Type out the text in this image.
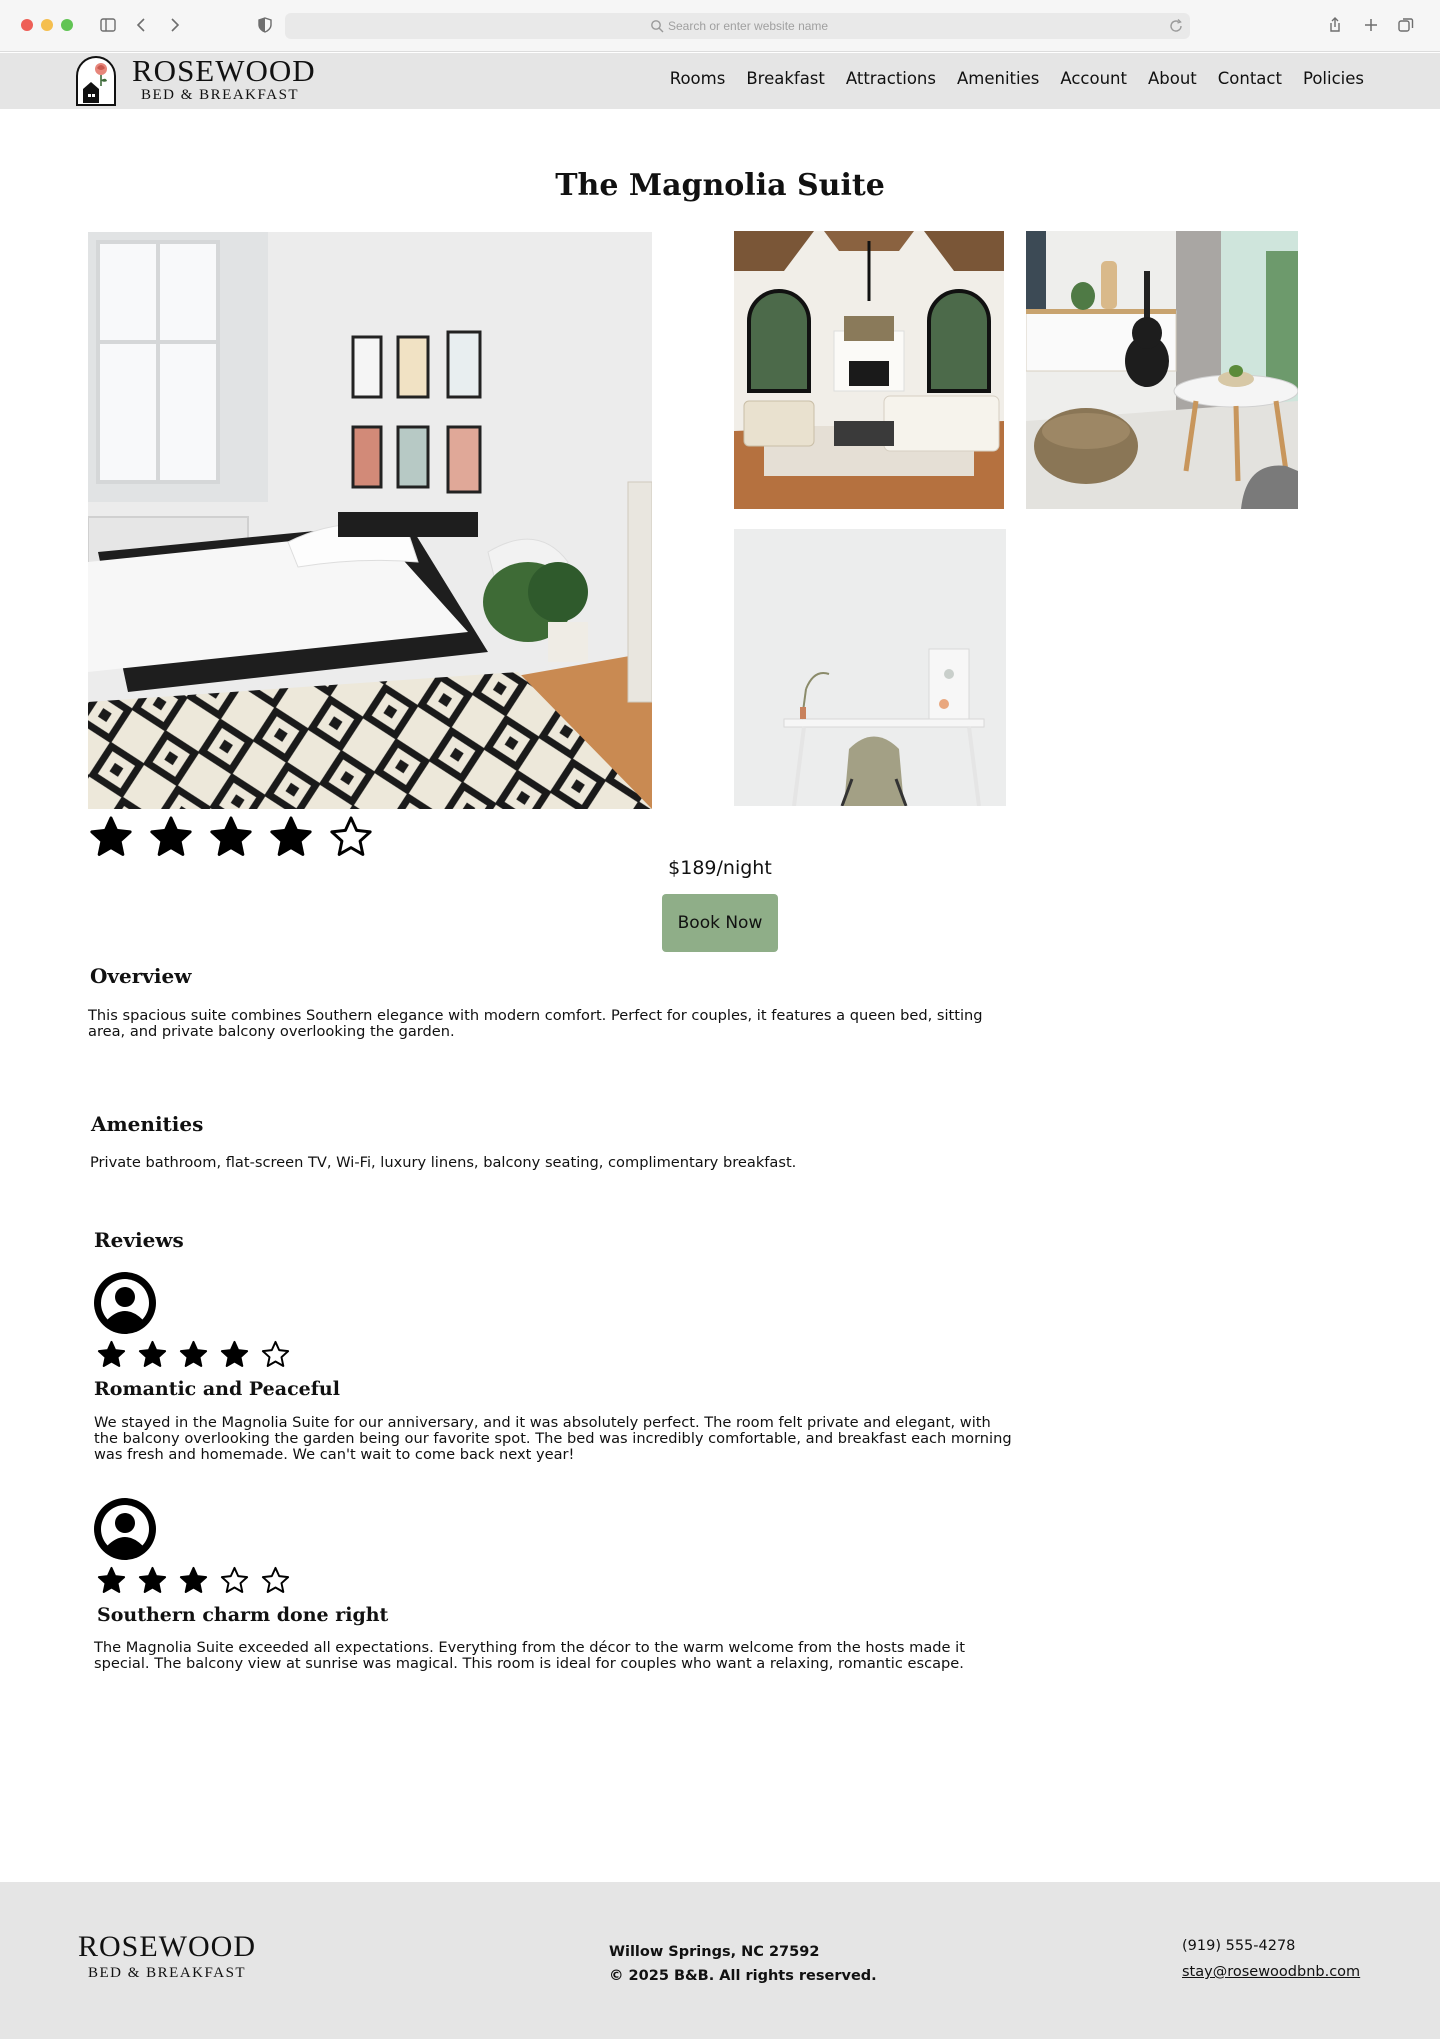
Search or enter website name
ROSEWOOD
BED & BREAKFAST
Rooms Breakfast Attractions Amenities Account About Contact Policies
The Magnolia Suite
$189/night
Book Now
Overview

This spacious suite combines Southern elegance with modern comfort. Perfect for couples, it features a queen bed, sitting area, and private balcony overlooking the garden.

Amenities

Private bathroom, flat-screen TV, Wi-Fi, luxury linens, balcony seating, complimentary breakfast.

Reviews
Romantic and Peaceful

We stayed in the Magnolia Suite for our anniversary, and it was absolutely perfect. The room felt private and elegant, with the balcony overlooking the garden being our favorite spot. The bed was incredibly comfortable, and breakfast each morning was fresh and homemade. We can't wait to come back next year!

Southern charm done right

The Magnolia Suite exceeded all expectations. Everything from the décor to the warm welcome from the hosts made it special. The balcony view at sunrise was magical. This room is ideal for couples who want a relaxing, romantic escape.

ROSEWOOD
BED & BREAKFAST
Willow Springs, NC 27592
© 2025 B&B. All rights reserved.
(919) 555-4278
stay@rosewoodbnb.com
